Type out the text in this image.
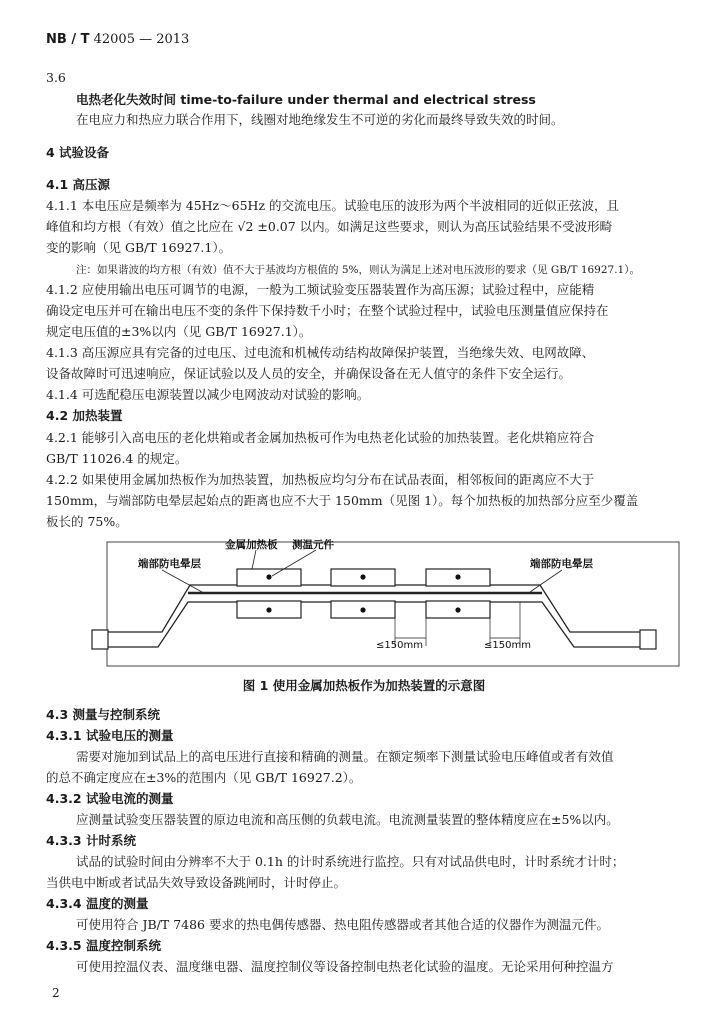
NB / T 42005 — 2013
3.6
电热老化失效时间 time-to-failure under thermal and electrical stress
在电应力和热应力联合作用下，线圈对地绝缘发生不可逆的劣化而最终导致失效的时间。
4 试验设备
4.1 高压源
4.1.1 本电压应是频率为 45Hz～65Hz 的交流电压。试验电压的波形为两个半波相同的近似正弦波，且
峰值和均方根（有效）值之比应在 √2 ±0.07 以内。如满足这些要求，则认为高压试验结果不受波形畸
变的影响（见 GB/T 16927.1）。
注：如果谐波的均方根（有效）值不大于基波均方根值的 5%，则认为满足上述对电压波形的要求（见 GB/T 16927.1）。
4.1.2 应使用输出电压可调节的电源，一般为工频试验变压器装置作为高压源；试验过程中，应能精
确设定电压并可在输出电压不变的条件下保持数千小时；在整个试验过程中，试验电压测量值应保持在
规定电压值的±3%以内（见 GB/T 16927.1）。
4.1.3 高压源应具有完备的过电压、过电流和机械传动结构故障保护装置，当绝缘失效、电网故障、
设备故障时可迅速响应，保证试验以及人员的安全，并确保设备在无人值守的条件下安全运行。
4.1.4 可选配稳压电源装置以减少电网波动对试验的影响。
4.2 加热装置
4.2.1 能够引入高电压的老化烘箱或者金属加热板可作为电热老化试验的加热装置。老化烘箱应符合
GB/T 11026.4 的规定。
4.2.2 如果使用金属加热板作为加热装置，加热板应均匀分布在试品表面，相邻板间的距离应不大于
150mm，与端部防电晕层起始点的距离也应不大于 150mm（见图 1）。每个加热板的加热部分应至少覆盖
板长的 75%。
金属加热板 测温元件
端部防电晕层	端部防电晕层
≤150mm	≤150mm
图 1 使用金属加热板作为加热装置的示意图
4.3 测量与控制系统
4.3.1 试验电压的测量
需要对施加到试品上的高电压进行直接和精确的测量。在额定频率下测量试验电压峰值或者有效值
的总不确定度应在±3%的范围内（见 GB/T 16927.2）。
4.3.2 试验电流的测量
应测量试验变压器装置的原边电流和高压侧的负载电流。电流测量装置的整体精度应在±5%以内。
4.3.3 计时系统
试品的试验时间由分辨率不大于 0.1h 的计时系统进行监控。只有对试品供电时，计时系统才计时；
当供电中断或者试品失效导致设备跳闸时，计时停止。
4.3.4 温度的测量
可使用符合 JB/T 7486 要求的热电偶传感器、热电阻传感器或者其他合适的仪器作为测温元件。
4.3.5 温度控制系统
可使用控温仪表、温度继电器、温度控制仪等设备控制电热老化试验的温度。无论采用何种控温方
2
